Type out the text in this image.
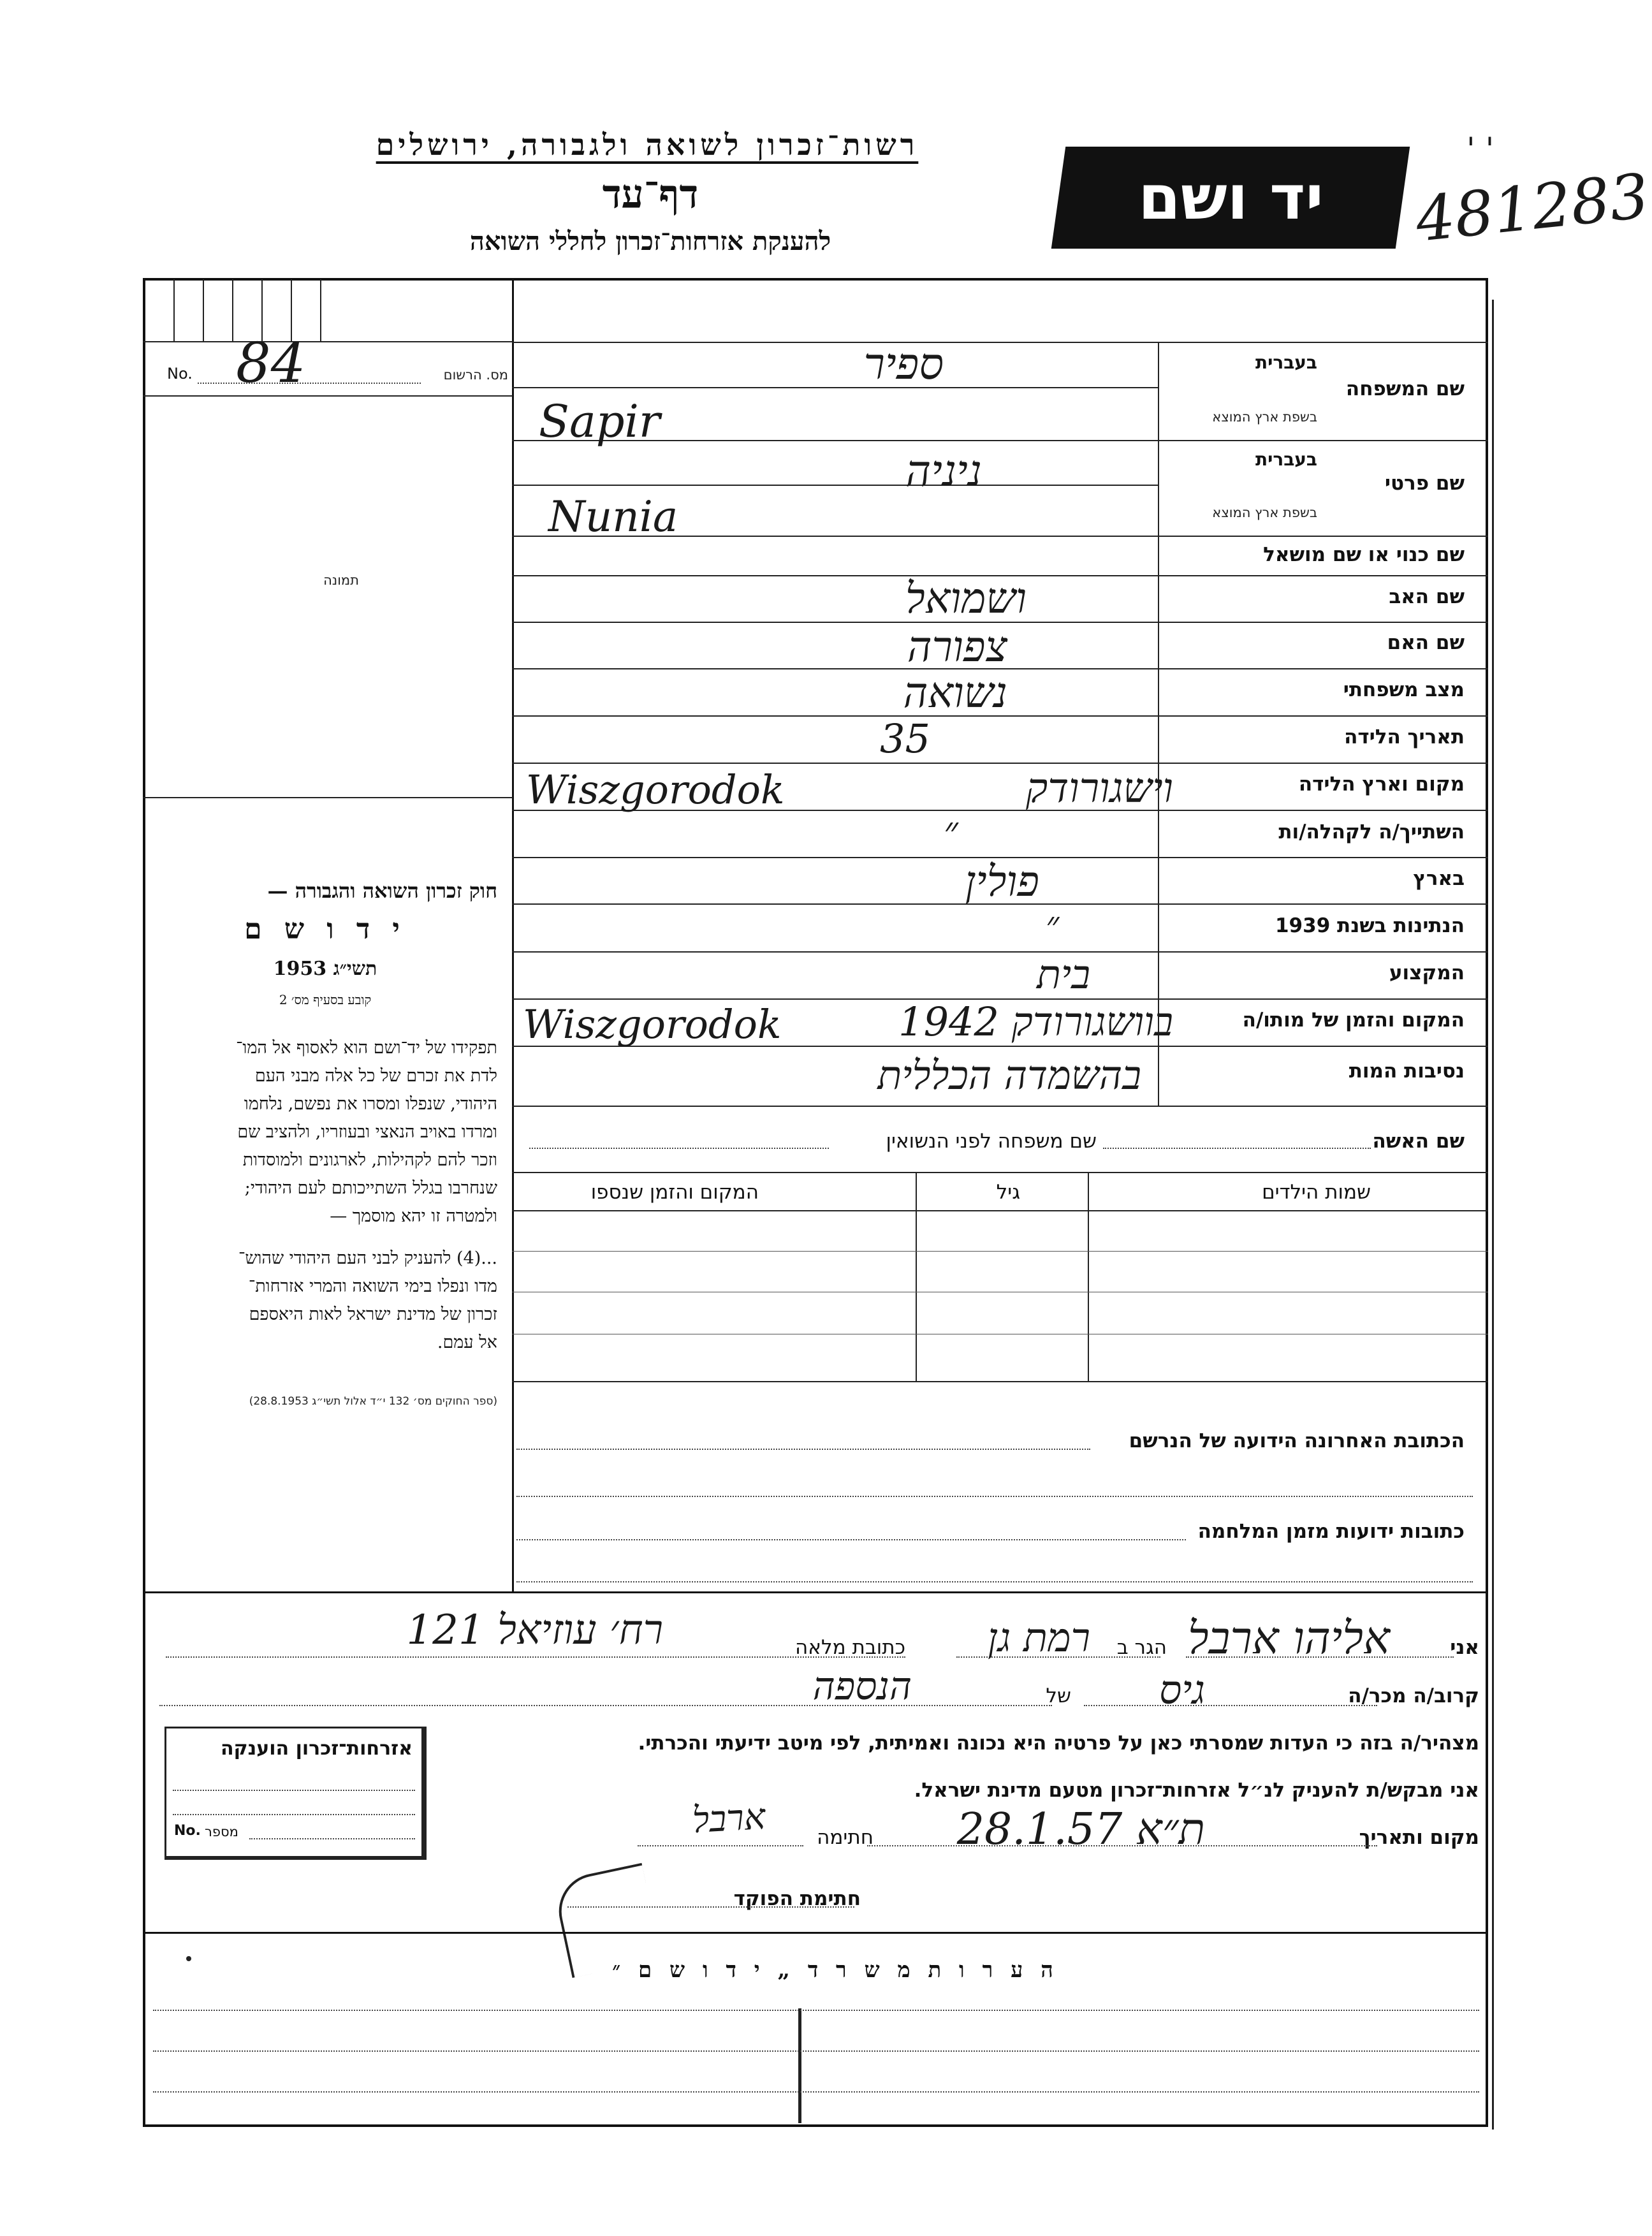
רשות־זכרון לשואה ולגבורה, ירושלים
דף־עד
להענקת אזרחות־זכרון לחללי השואה
יד ושם 481283
' '
מס. הרשום
No. 84
תמונה
חוק זכרון השואה והגבורה —
י ד ו ש ם
תשי״ג 1953
קובע בסעיף מס׳ 2
תפקידו של יד־ושם הוא לאסוף אל המו־
לדת את זכרם של כל אלה מבני העם
היהודי, שנפלו ומסרו את נפשם, נלחמו
ומרדו באויב הנאצי ובעוזריו, ולהציב שם
וזכר להם לקהילות, לארגונים ולמוסדות
שנחרבו בגלל השתייכותם לעם היהודי;
ולמטרה זו יהא מוסמך —
...(4) להעניק לבני העם היהודי שהוש־
מדו ונפלו בימי השואה והמרי אזרחות־
זכרון של מדינת ישראל לאות היאספם
אל עמם.
(ספר החוקים מס׳ 132 י״ד אלול תשי״ג 28.8.1953)
שם המשפחה
בעברית
בשפת ארץ המוצא
ספיר
Sapir
שם פרטי
בעברית
בשפת ארץ המוצא
ניניה
Nunia
שם כנוי או שם מושאל
שם האב
ושמואל
שם האם
צפורה
מצב משפחתי
נשואה
תאריך הלידה
35
מקום וארץ הלידה
וישגורודק
Wiszgorodok
השתייך/ה לקהלה/ות
״
בארץ
פולין
הנתינות בשנת 1939
״
המקצוע
בית
המקום והזמן של מותו/ה
בוושגורודק 1942
Wiszgorodok
נסיבות המות
בהשמדה הכללית
שם האשה
שם משפחה לפני הנשואין
שמות הילדים
גיל
המקום והזמן שנספו
הכתובת האחרונה הידועה של הנרשם
כתובות ידועות מזמן המלחמה
אני
אליהו ארבל
הגר ב
רמת גן
כתובת מלאה
רח׳ עוזיאל 121
קרוב/ה מכר/ה
גיס
של
הנספה
מצהיר/ה בזה כי העדות שמסרתי כאן על פרטיה היא נכונה ואמיתית, לפי מיטב ידיעתי והכרתי.
אני מבקש/ת להעניק לנ״ל אזרחות־זכרון מטעם מדינת ישראל.
מקום ותאריך
ת״א 28.1.57
חתימה
ארבל
חתימת הפוקד
אזרחות־זכרון הוענקה
מספר
No.
ה ע ר ו ת מ ש ר ד „ י ד ו ש ם ״
